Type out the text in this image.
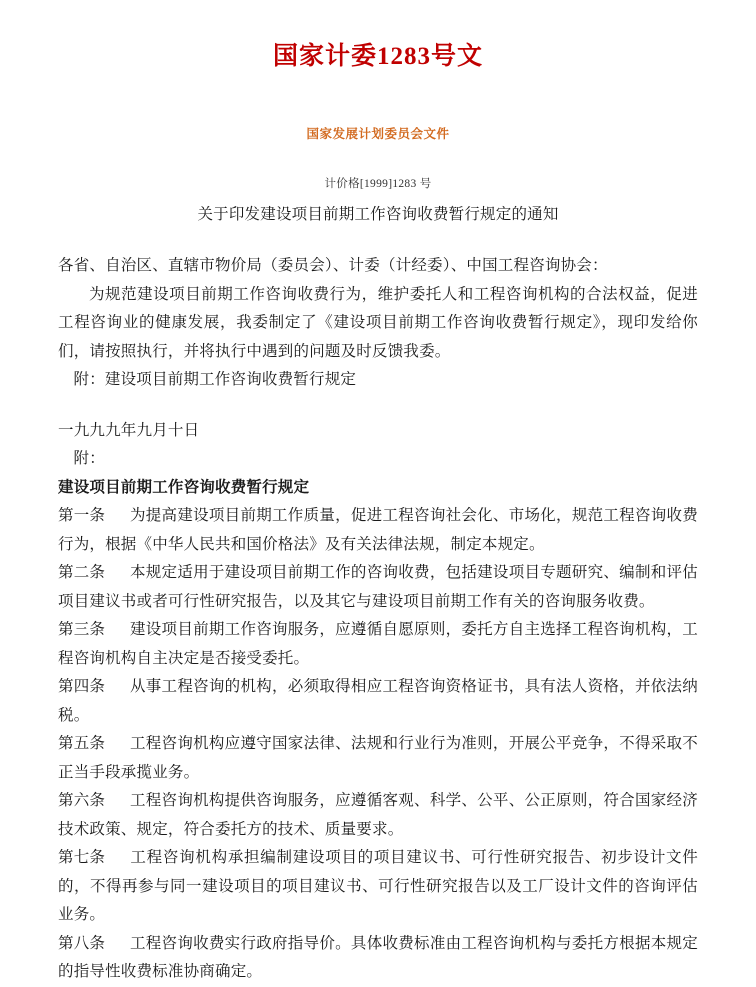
国家计委1283号文
国家发展计划委员会文件
计价格[1999]1283 号
关于印发建设项目前期工作咨询收费暂行规定的通知

各省、自治区、直辖市物价局（委员会）、计委（计经委）、中国工程咨询协会：

为规范建设项目前期工作咨询收费行为，维护委托人和工程咨询机构的合法权益，促进工程咨询业的健康发展，我委制定了《建设项目前期工作咨询收费暂行规定》，现印发给你们，请按照执行，并将执行中遇到的问题及时反馈我委。

附：建设项目前期工作咨询收费暂行规定

一九九九年九月十日

附：

建设项目前期工作咨询收费暂行规定

第一条 为提高建设项目前期工作质量，促进工程咨询社会化、市场化，规范工程咨询收费行为，根据《中华人民共和国价格法》及有关法律法规，制定本规定。

第二条 本规定适用于建设项目前期工作的咨询收费，包括建设项目专题研究、编制和评估项目建议书或者可行性研究报告，以及其它与建设项目前期工作有关的咨询服务收费。

第三条 建设项目前期工作咨询服务，应遵循自愿原则，委托方自主选择工程咨询机构，工程咨询机构自主决定是否接受委托。

第四条 从事工程咨询的机构，必须取得相应工程咨询资格证书，具有法人资格，并依法纳税。

第五条 工程咨询机构应遵守国家法律、法规和行业行为准则，开展公平竞争，不得采取不正当手段承揽业务。

第六条 工程咨询机构提供咨询服务，应遵循客观、科学、公平、公正原则，符合国家经济技术政策、规定，符合委托方的技术、质量要求。

第七条 工程咨询机构承担编制建设项目的项目建议书、可行性研究报告、初步设计文件的，不得再参与同一建设项目的项目建议书、可行性研究报告以及工厂设计文件的咨询评估业务。

第八条 工程咨询收费实行政府指导价。具体收费标准由工程咨询机构与委托方根据本规定的指导性收费标准协商确定。
